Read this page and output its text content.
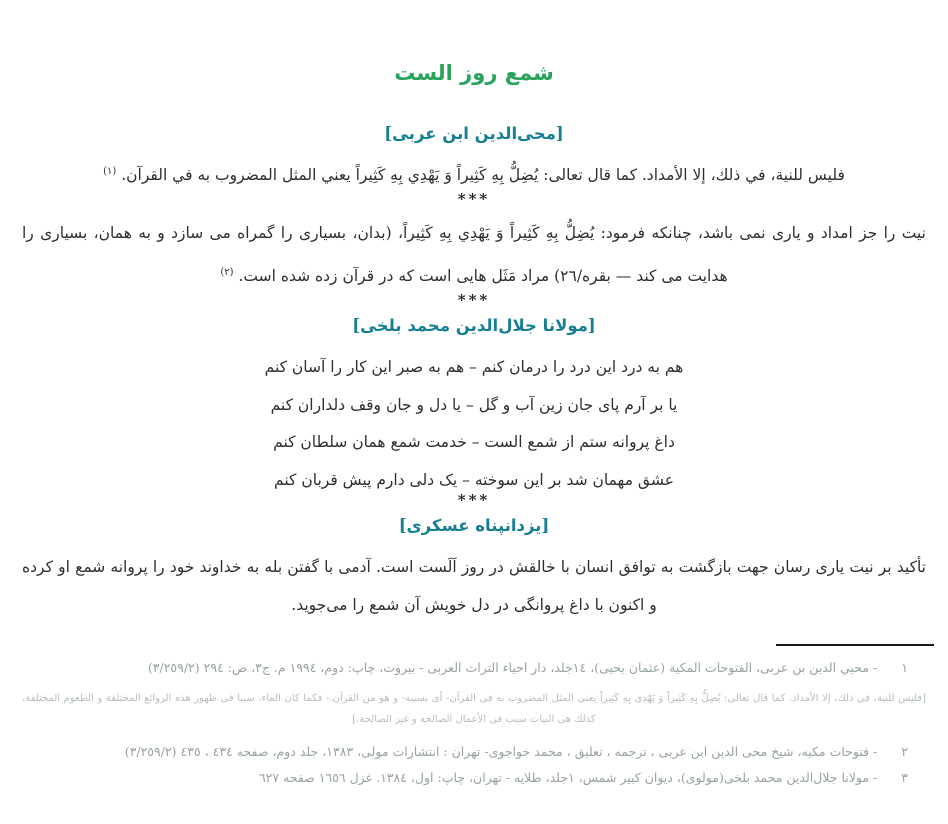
شمع روز الست
[محی‌الدین ابن عربی]
فلیس للنیة، في ذلك، إلا الأمداد. كما قال تعالى: يُضِلُّ بِهِ كَثِيراً وَ يَهْدِي بِهِ كَثِيراً يعني المثل المضروب به في القرآن. $^{(١)}$
***
نیت را جز امداد و یاری نمی باشد، چنانکه فرمود: یُضِلُّ بِهِ کَثِیراً وَ یَهْدِي بِهِ کَثِیراً، (بدان، بسیاری را گمراه می سازد و به همان، بسیاری را هدایت می کند — بقره/٢٦) مراد مَثَل هایی است که در قرآن زده شده است. $^{(٢)}$
***
[مولانا جلال‌الدین محمد بلخی]
هم به درد این درد را درمان کنم – هم به صبر این کار را آسان کنم
یا بر آرم پای جان زین آب و گل – یا دل و جان وقف دلداران کنم
داغ پروانه ستم از شمع الست – خدمت شمع همان سلطان کنم
عشق مهمان شد بر این سوخته – یک دلی دارم پیش قربان کنم
***
[یزدانپناه عسکری]
تأکید بر نیت یاری رسان جهت بازگشت به توافق انسان با خالقش در روز اَلَست است. آدمی با گفتن بله به خداوند خود را پروانه شمع او کرده و اکنون با داغ پروانگی در دل خویش آن شمع را می‌جوید.
١- محيي الدين بن عربى، الفتوحات المكية (عثمان يحيى)، ١٤جلد، دار احياء التراث العربى - بيروت، چاپ: دوم، ١٩٩٤ م. ج٣، ص: ٢٩٤ (٣/٢٥٩/٢)
[فلیس للنیة، فى ذلك، إلا الأمداد. كما قال تعالى: يُضِلُّ بِهِ كَثِيراً وَ يَهْدِى بِهِ كَثِيراً يعنى المثل المضروب به فى القرآن- أى بسببه- و هو من القرآن.- فكما كان الماء، سببا فى ظهور هذه الروائع المختلفة و الطعوم المختلفة، كذلك هى النيات سبب فى الأعمال الصالحة و غير الصالحة.]
٢- فتوحات مکیه، شیخ محی الدین ابن عربی ، ترجمه ، تعلیق ، محمد خواجوی- تهران : انتشارات مولی، ۱۳۸۳، جلد دوم، صفحه ٤٣٤ ، ٤٣٥ (٣/٢٥٩/٢)
٣- مولانا جلال‌الدین محمد بلخی(مولوی)، دیوان کبیر شمس، ١جلد، طلایه - تهران، چاپ: اول، ۱۳۸٤. غزل ١٦٥٦ صفحه ٦٢٧
